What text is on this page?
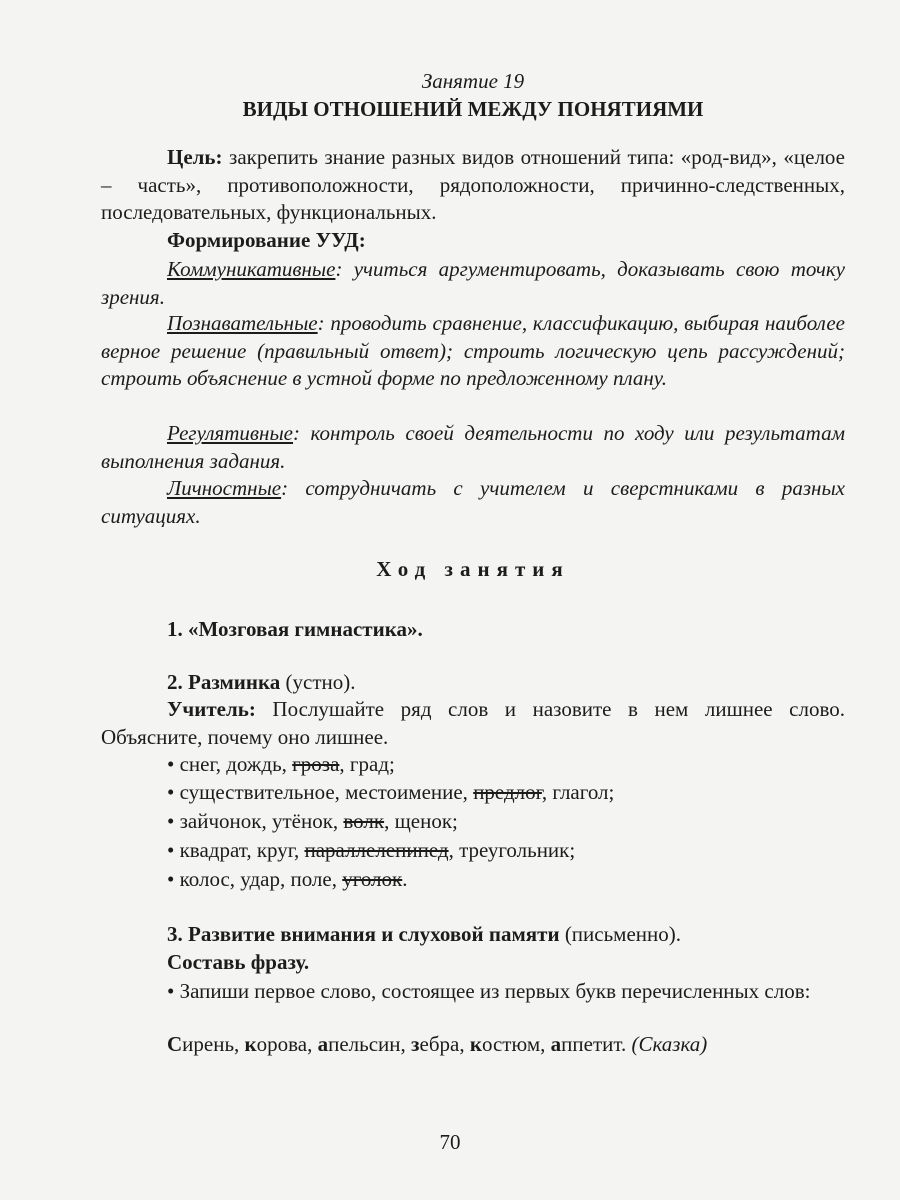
Занятие 19
ВИДЫ ОТНОШЕНИЙ МЕЖДУ ПОНЯТИЯМИ
Цель: закрепить знание разных видов отношений типа: «род-вид», «целое – часть», противоположности, рядоположности, причинно-следственных, последовательных, функциональных.
Формирование УУД:
Коммуникативные: учиться аргументировать, доказывать свою точку зрения.
Познавательные: проводить сравнение, классификацию, выбирая наиболее верное решение (правильный ответ); строить логическую цепь рассуждений; строить объяснение в устной форме по предложенному плану.
Регулятивные: контроль своей деятельности по ходу или результатам выполнения задания.
Личностные: сотрудничать с учителем и сверстниками в разных ситуациях.
Ход занятия
1. «Мозговая гимнастика».
2. Разминка (устно).
Учитель: Послушайте ряд слов и назовите в нем лишнее слово. Объясните, почему оно лишнее.
• снег, дождь, гроза, град;
• существительное, местоимение, предлог, глагол;
• зайчонок, утёнок, волк, щенок;
• квадрат, круг, параллелепипед, треугольник;
• колос, удар, поле, уголок.
3. Развитие внимания и слуховой памяти (письменно).
Составь фразу.
• Запиши первое слово, состоящее из первых букв перечисленных слов:
Сирень, корова, апельсин, зебра, костюм, аппетит. (Сказка)
70
